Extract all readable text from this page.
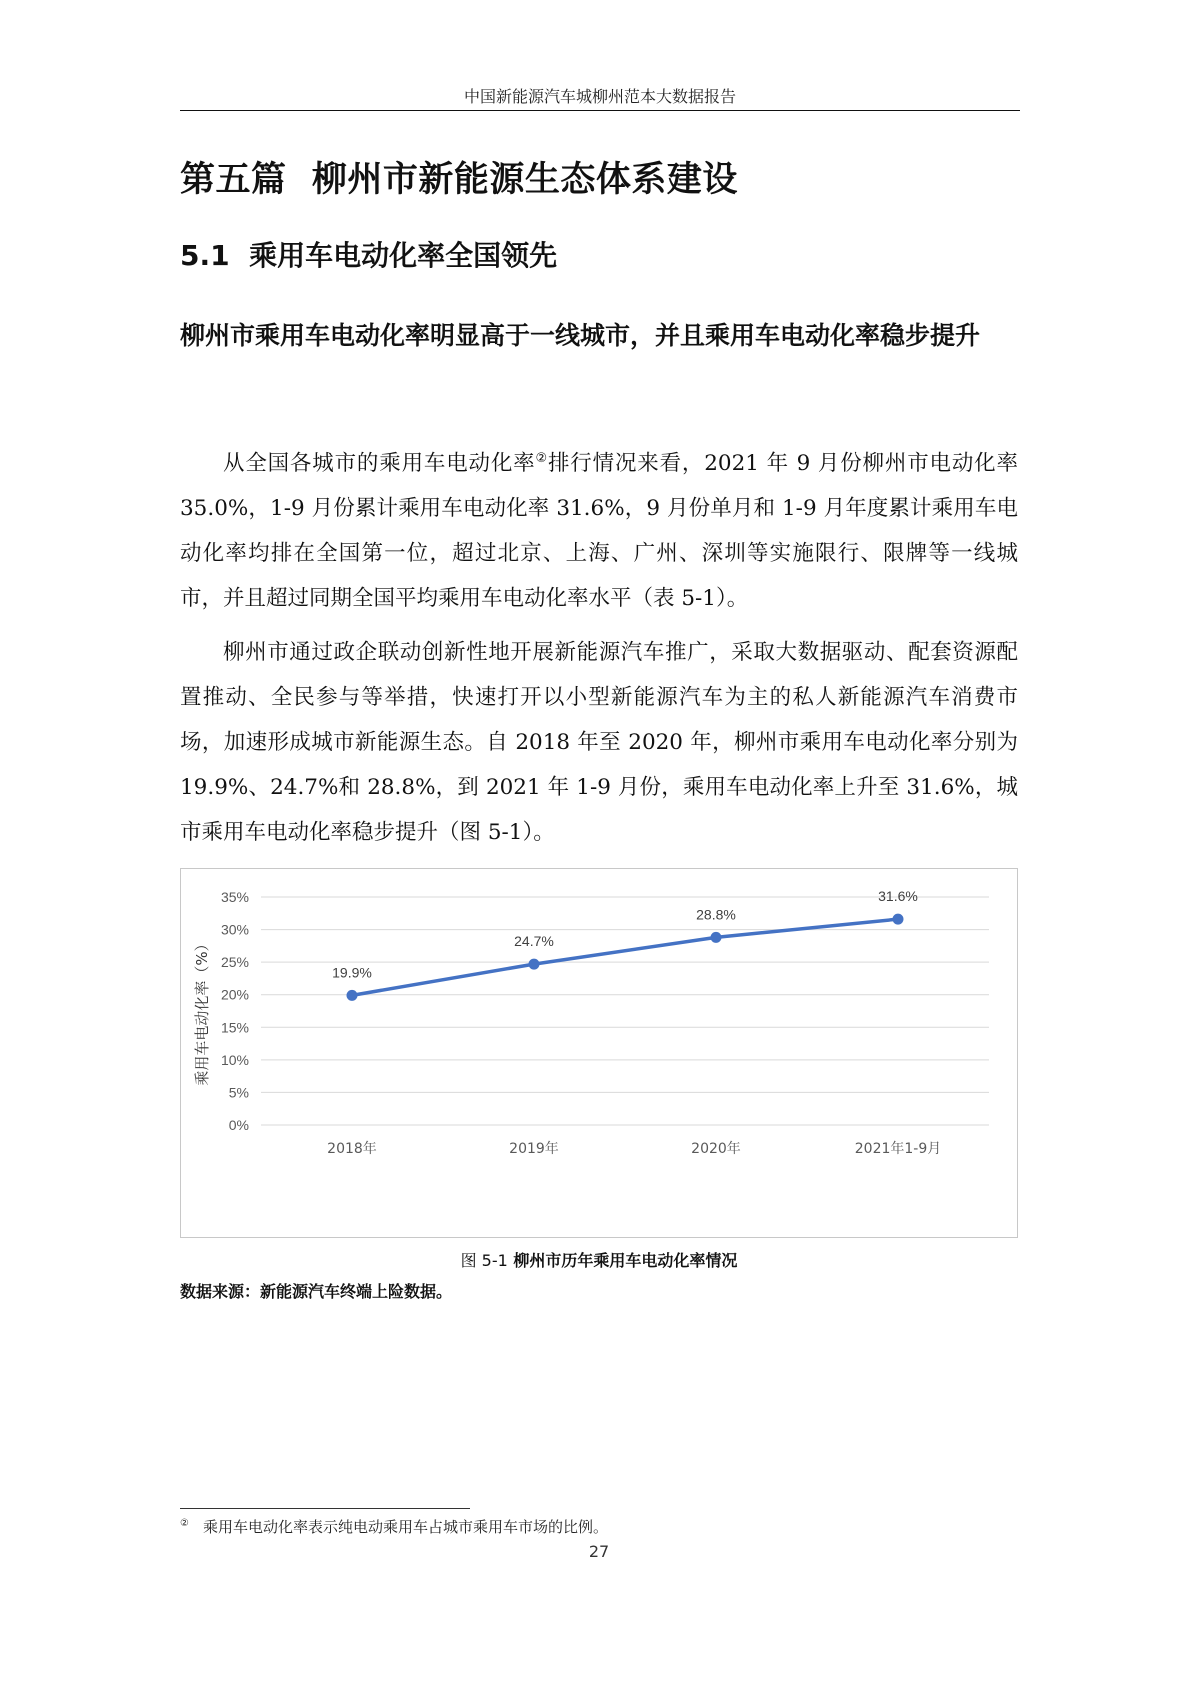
中国新能源汽车城柳州范本大数据报告
第五篇  柳州市新能源生态体系建设
5.1  乘用车电动化率全国领先

柳州市乘用车电动化率明显高于一线城市，并且乘用车电动化率稳步提升

从全国各城市的乘用车电动化率②排行情况来看，2021 年 9 月份柳州市电动化率 35.0%，1-9 月份累计乘用车电动化率 31.6%，9 月份单月和 1-9 月年度累计乘用车电动化率均排在全国第一位，超过北京、上海、广州、深圳等实施限行、限牌等一线城市，并且超过同期全国平均乘用车电动化率水平（表 5-1）。

柳州市通过政企联动创新性地开展新能源汽车推广，采取大数据驱动、配套资源配置推动、全民参与等举措，快速打开以小型新能源汽车为主的私人新能源汽车消费市场，加速形成城市新能源生态。自 2018 年至 2020 年，柳州市乘用车电动化率分别为 19.9%、24.7%和 28.8%，到 2021 年 1-9 月份，乘用车电动化率上升至 31.6%，城市乘用车电动化率稳步提升（图 5-1）。

0%
5%
10%
15%
20%
25%
30%
35%
2018年	2019年	2020年	2021年1-9月
乘用车电动化率（%）	19.9%
24.7%
28.8%
31.6%
图 5-1 柳州市历年乘用车电动化率情况
数据来源：新能源汽车终端上险数据。
② 乘用车电动化率表示纯电动乘用车占城市乘用车市场的比例。
27
